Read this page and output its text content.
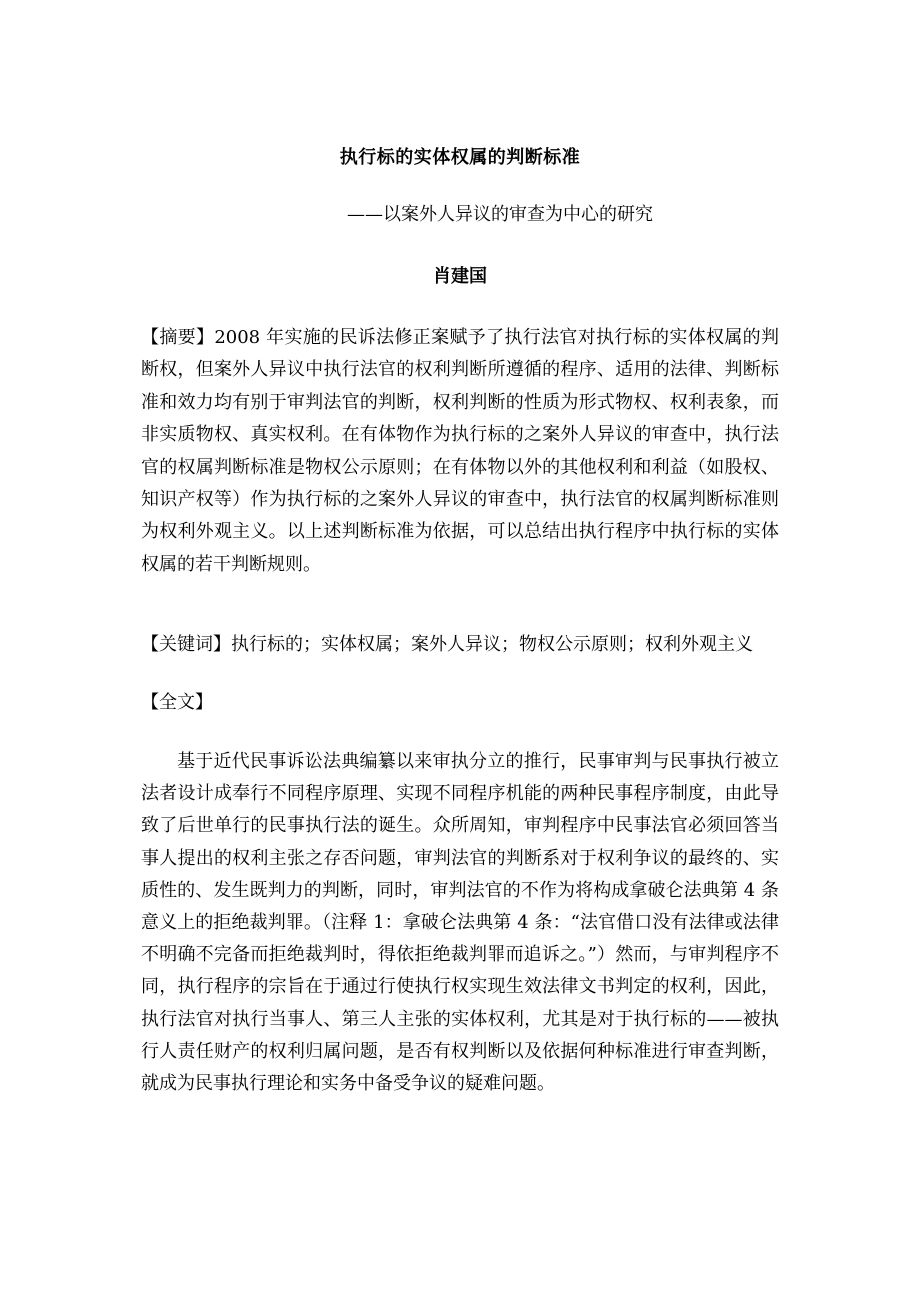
执行标的实体权属的判断标准
——以案外人异议的审查为中心的研究
肖建国

【摘要】2008 年实施的民诉法修正案赋予了执行法官对执行标的实体权属的判断权，但案外人异议中执行法官的权利判断所遵循的程序、适用的法律、判断标准和效力均有别于审判法官的判断，权利判断的性质为形式物权、权利表象，而非实质物权、真实权利。在有体物作为执行标的之案外人异议的审查中，执行法官的权属判断标准是物权公示原则；在有体物以外的其他权利和利益（如股权、知识产权等）作为执行标的之案外人异议的审查中，执行法官的权属判断标准则为权利外观主义。以上述判断标准为依据，可以总结出执行程序中执行标的实体权属的若干判断规则。

【关键词】执行标的；实体权属；案外人异议；物权公示原则；权利外观主义

【全文】

基于近代民事诉讼法典编纂以来审执分立的推行，民事审判与民事执行被立法者设计成奉行不同程序原理、实现不同程序机能的两种民事程序制度，由此导致了后世单行的民事执行法的诞生。众所周知，审判程序中民事法官必须回答当事人提出的权利主张之存否问题，审判法官的判断系对于权利争议的最终的、实质性的、发生既判力的判断，同时，审判法官的不作为将构成拿破仑法典第 4 条意义上的拒绝裁判罪。（注释 1：拿破仑法典第 4 条：“法官借口没有法律或法律不明确不完备而拒绝裁判时，得依拒绝裁判罪而追诉之。”）然而，与审判程序不同，执行程序的宗旨在于通过行使执行权实现生效法律文书判定的权利，因此，执行法官对执行当事人、第三人主张的实体权利，尤其是对于执行标的——被执行人责任财产的权利归属问题，是否有权判断以及依据何种标准进行审查判断，就成为民事执行理论和实务中备受争议的疑难问题。
